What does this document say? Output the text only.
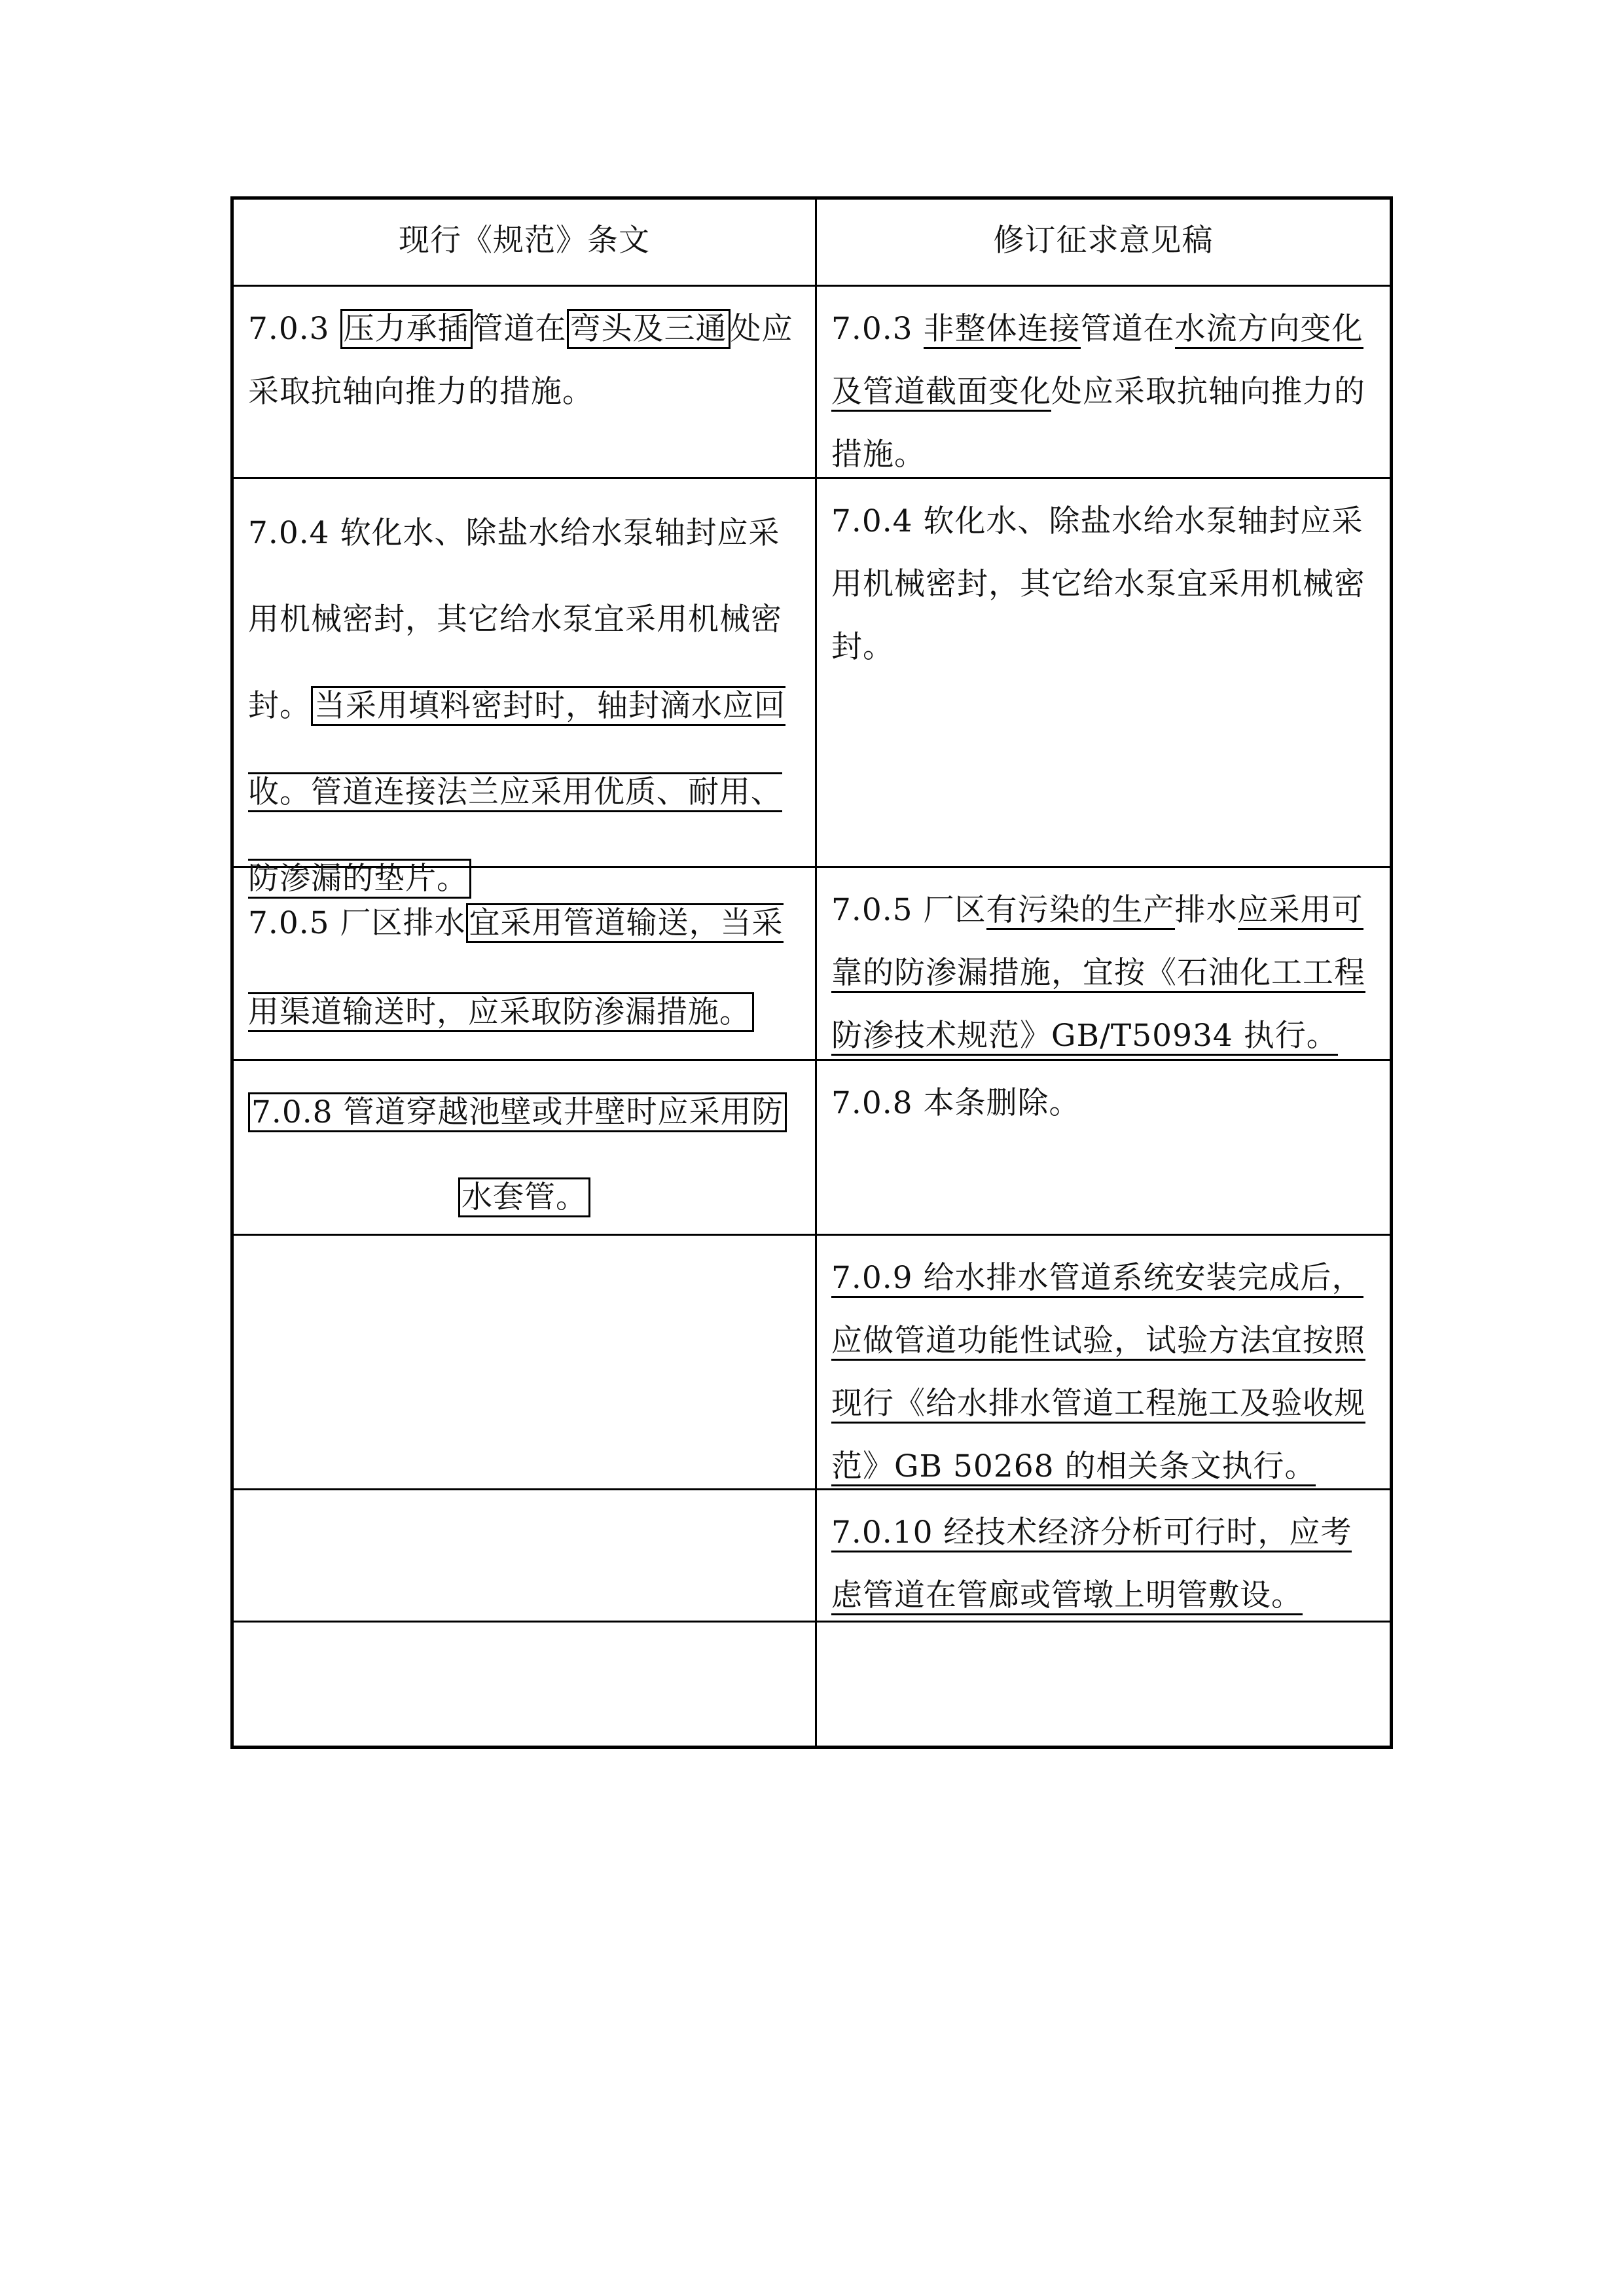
现行《规范》条文	修订征求意见稿
7.0.3 压力承插 管道在 弯头及三通 处应采取抗轴向推力的措施。
7.0.3 非整体连接管道在水流方向变化及管道截面变化处应采取抗轴向推力的措施。
7.0.4 软化水、除盐水给水泵轴封应采用机械密封，其它给水泵宜采用机械密封。 当采用填料密封时，轴封滴水应回收。管道连接法兰应采用优质、耐用、防渗漏的垫片。
7.0.4 软化水、除盐水给水泵轴封应采用机械密封，其它给水泵宜采用机械密封。
7.0.5 厂区排水 宜采用管道输送，当采用渠道输送时，应采取防渗漏措施。
7.0.5 厂区有污染的生产排水应采用可靠的防渗漏措施，宜按《石油化工工程防渗技术规范》GB/T50934 执行。
7.0.8 管道穿越池壁或井壁时应采用防
水套管。
7.0.8 本条删除。
7.0.9 给水排水管道系统安装完成后，应做管道功能性试验，试验方法宜按照现行《给水排水管道工程施工及验收规范》GB 50268 的相关条文执行。
7.0.10 经技术经济分析可行时，应考虑管道在管廊或管墩上明管敷设。
